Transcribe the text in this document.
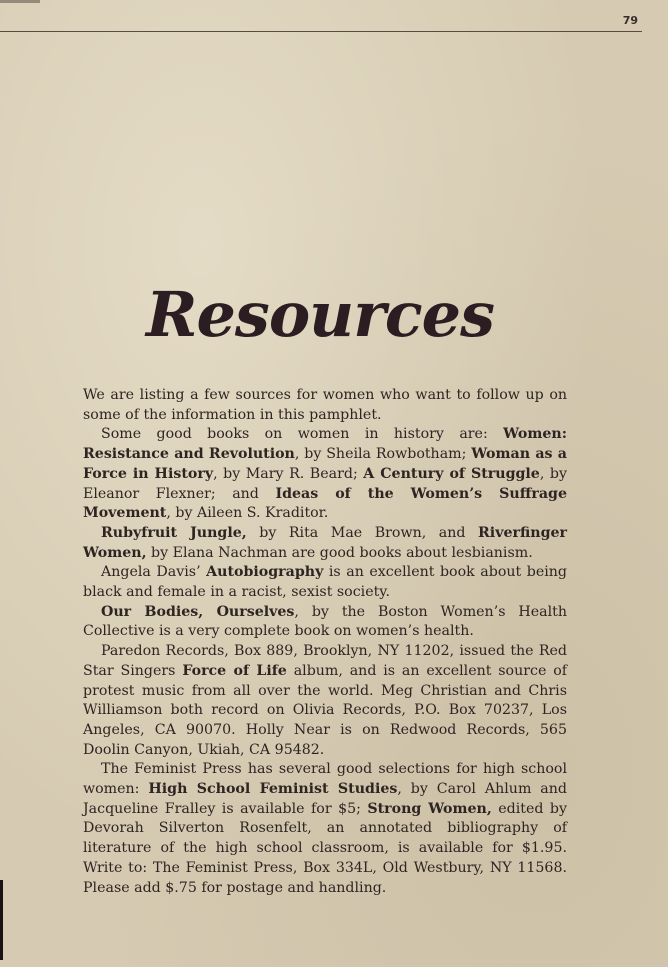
79
Resources

We are listing a few sources for women who want to follow up on some of the information in this pamphlet.

Some good books on women in history are: Women: Resistance and Revolution, by Sheila Rowbotham; Woman as a Force in History, by Mary R. Beard; A Century of Struggle, by Eleanor Flexner; and Ideas of the Women’s Suffrage Movement, by Aileen S. Kraditor.

Rubyfruit Jungle, by Rita Mae Brown, and Riverfinger Women, by Elana Nachman are good books about lesbianism.

Angela Davis’ Autobiography is an excellent book about being black and female in a racist, sexist society.

Our Bodies, Ourselves, by the Boston Women’s Health Collective is a very complete book on women’s health.

Paredon Records, Box 889, Brooklyn, NY 11202, issued the Red Star Singers Force of Life album, and is an excellent source of protest music from all over the world. Meg Christian and Chris Williamson both record on Olivia Records, P.O. Box 70237, Los Angeles, CA 90070. Holly Near is on Redwood Records, 565 Doolin Canyon, Ukiah, CA 95482.

The Feminist Press has several good selections for high school women: High School Feminist Studies, by Carol Ahlum and Jacqueline Fralley is available for $5; Strong Women, edited by Devorah Silverton Rosenfelt, an annotated bibliography of literature of the high school classroom, is available for $1.95. Write to: The Feminist Press, Box 334L, Old Westbury, NY 11568. Please add $.75 for postage and handling.
